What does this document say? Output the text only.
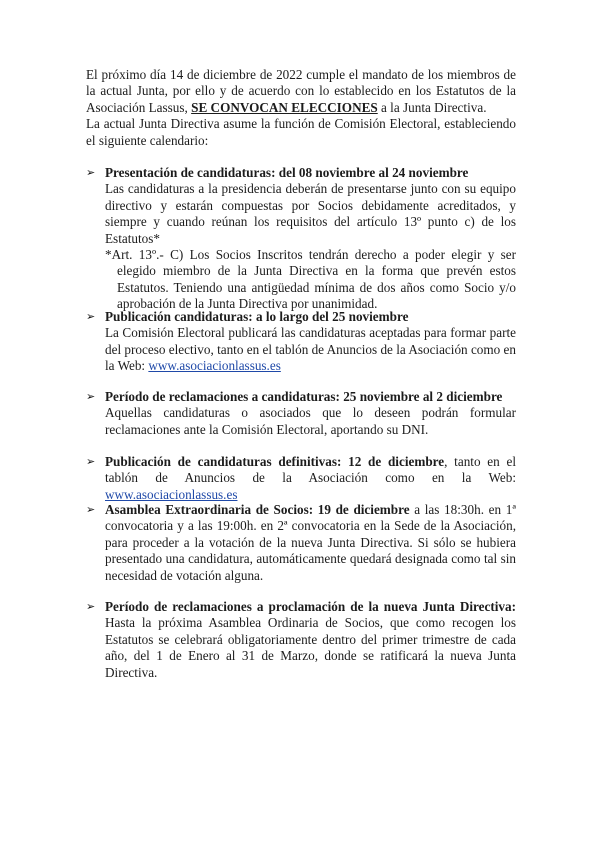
El próximo día 14 de diciembre de 2022 cumple el mandato de los miembros de la actual Junta, por ello y de acuerdo con lo establecido en los Estatutos de la Asociación Lassus, SE CONVOCAN ELECCIONES a la Junta Directiva.

La actual Junta Directiva asume la función de Comisión Electoral, estableciendo el siguiente calendario:

➢ Presentación de candidaturas: del 08 noviembre al 24 noviembre

Las candidaturas a la presidencia deberán de presentarse junto con su equipo directivo y estarán compuestas por Socios debidamente acreditados, y siempre y cuando reúnan los requisitos del artículo 13º punto c) de los Estatutos*

*Art. 13º.- C) Los Socios Inscritos tendrán derecho a poder elegir y ser elegido miembro de la Junta Directiva en la forma que prevén estos Estatutos. Teniendo una antigüedad mínima de dos años como Socio y/o aprobación de la Junta Directiva por unanimidad.

➢ Publicación candidaturas: a lo largo del 25 noviembre

La Comisión Electoral publicará las candidaturas aceptadas para formar parte del proceso electivo, tanto en el tablón de Anuncios de la Asociación como en la Web: www.asociacionlassus.es

➢ Período de reclamaciones a candidaturas: 25 noviembre al 2 diciembre

Aquellas candidaturas o asociados que lo deseen podrán formular reclamaciones ante la Comisión Electoral, aportando su DNI.

➢ Publicación de candidaturas definitivas: 12 de diciembre, tanto en el tablón de Anuncios de la Asociación como en la Web: www.asociacionlassus.es

➢ Asamblea Extraordinaria de Socios: 19 de diciembre a las 18:30h. en 1ª convocatoria y a las 19:00h. en 2ª convocatoria en la Sede de la Asociación, para proceder a la votación de la nueva Junta Directiva. Si sólo se hubiera presentado una candidatura, automáticamente quedará designada como tal sin necesidad de votación alguna.

➢ Período de reclamaciones a proclamación de la nueva Junta Directiva: Hasta la próxima Asamblea Ordinaria de Socios, que como recogen los Estatutos se celebrará obligatoriamente dentro del primer trimestre de cada año, del 1 de Enero al 31 de Marzo, donde se ratificará la nueva Junta Directiva.
